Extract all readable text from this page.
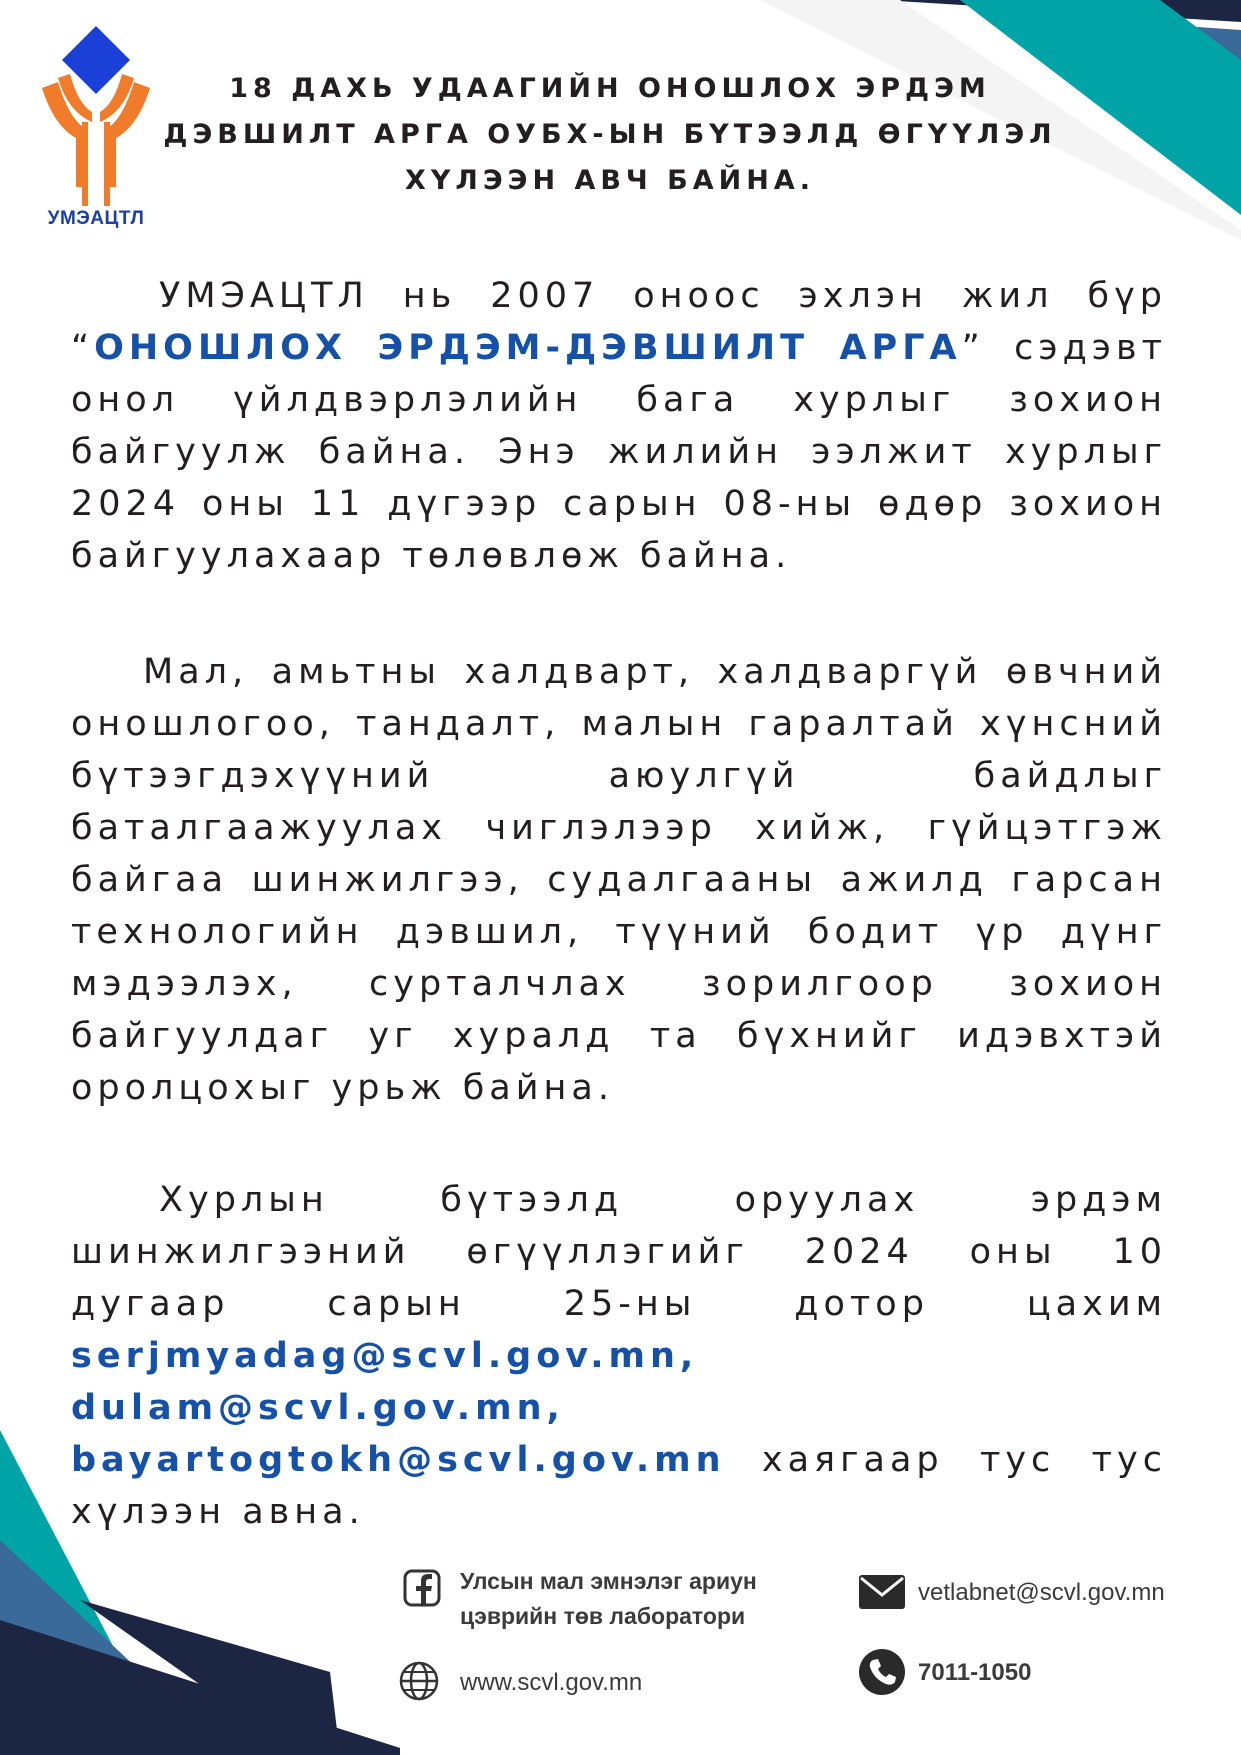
УМЭАЦТЛ
18 ДАХЬ УДААГИЙН ОНОШЛОХ ЭРДЭМ ДЭВШИЛТ АРГА ОУБХ-ЫН БҮТЭЭЛД ӨГҮҮЛЭЛ ХҮЛЭЭН АВЧ БАЙНА.
УМЭАЦТЛ нь 2007 оноос эхлэн жил бүр “ОНОШЛОХ ЭРДЭМ-ДЭВШИЛТ АРГА” сэдэвт онол үйлдвэрлэлийн бага хурлыг зохион байгуулж байна. Энэ жилийн ээлжит хурлыг 2024 оны 11 дүгээр сарын 08-ны өдөр зохион байгуулахаар төлөвлөж байна.
Мал, амьтны халдварт, халдваргүй өвчний оношлогоо, тандалт, малын гаралтай хүнсний бүтээгдэхүүний аюулгүй байдлыг баталгаажуулах чиглэлээр хийж, гүйцэтгэж байгаа шинжилгээ, судалгааны ажилд гарсан технологийн дэвшил, түүний бодит үр дүнг мэдээлэх, сурталчлах зорилгоор зохион байгуулдаг уг хуралд та бүхнийг идэвхтэй оролцохыг урьж байна.
Хурлын бүтээлд оруулах эрдэм шинжилгээний өгүүллэгийг 2024 оны 10 дугаар сарын 25-ны дотор цахим serjmyadag@scvl.gov.mn, dulam@scvl.gov.mn, bayartogtokh@scvl.gov.mn хаягаар тус тус хүлээн авна.
Улсын мал эмнэлэг ариун
цэврийн төв лаборатори
www.scvl.gov.mn
vetlabnet@scvl.gov.mn
7011-1050
